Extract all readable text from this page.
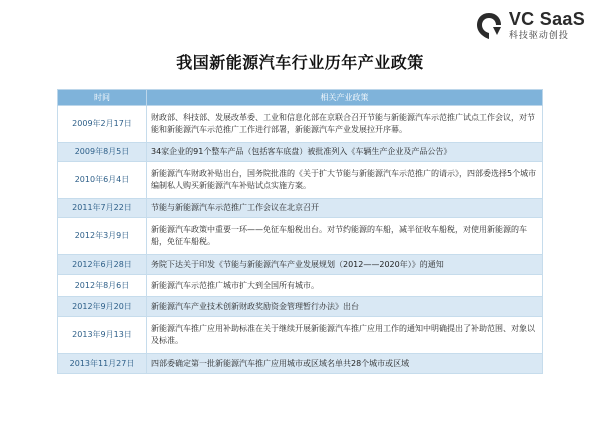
VC SaaS
科技驱动创投
我国新能源汽车行业历年产业政策
时间	相关产业政策
2009年2月17日	财政部、科技部、发展改革委、工业和信息化部在京联合召开节能与新能源汽车示范推广试点工作会议，对节能和新能源汽车示范推广工作进行部署，新能源汽车产业发展拉开序幕。
2009年8月5日	34家企业的91个整车产品（包括客车底盘）被批准列入《车辆生产企业及产品公告》
2010年6月4日	新能源汽车财政补贴出台，国务院批准的《关于扩大节能与新能源汽车示范推广的请示》，四部委选择5个城市编制私人购买新能源汽车补贴试点实施方案。
2011年7月22日	节能与新能源汽车示范推广工作会议在北京召开
2012年3月9日	新能源汽车政策中重要一环——免征车船税出台。对节约能源的车船，减半征收车船税，对使用新能源的车船，免征车船税。
2012年6月28日	务院下达关于印发《节能与新能源汽车产业发展规划（2012——2020年）》的通知
2012年8月6日	新能源汽车示范推广城市扩大到全国所有城市。
2012年9月20日	新能源汽车产业技术创新财政奖励资金管理暂行办法》出台
2013年9月13日	新能源汽车推广应用补助标准在关于继续开展新能源汽车推广应用工作的通知中明确提出了补助范围、对象以及标准。
2013年11月27日	四部委确定第一批新能源汽车推广应用城市或区域名单共28个城市或区域
